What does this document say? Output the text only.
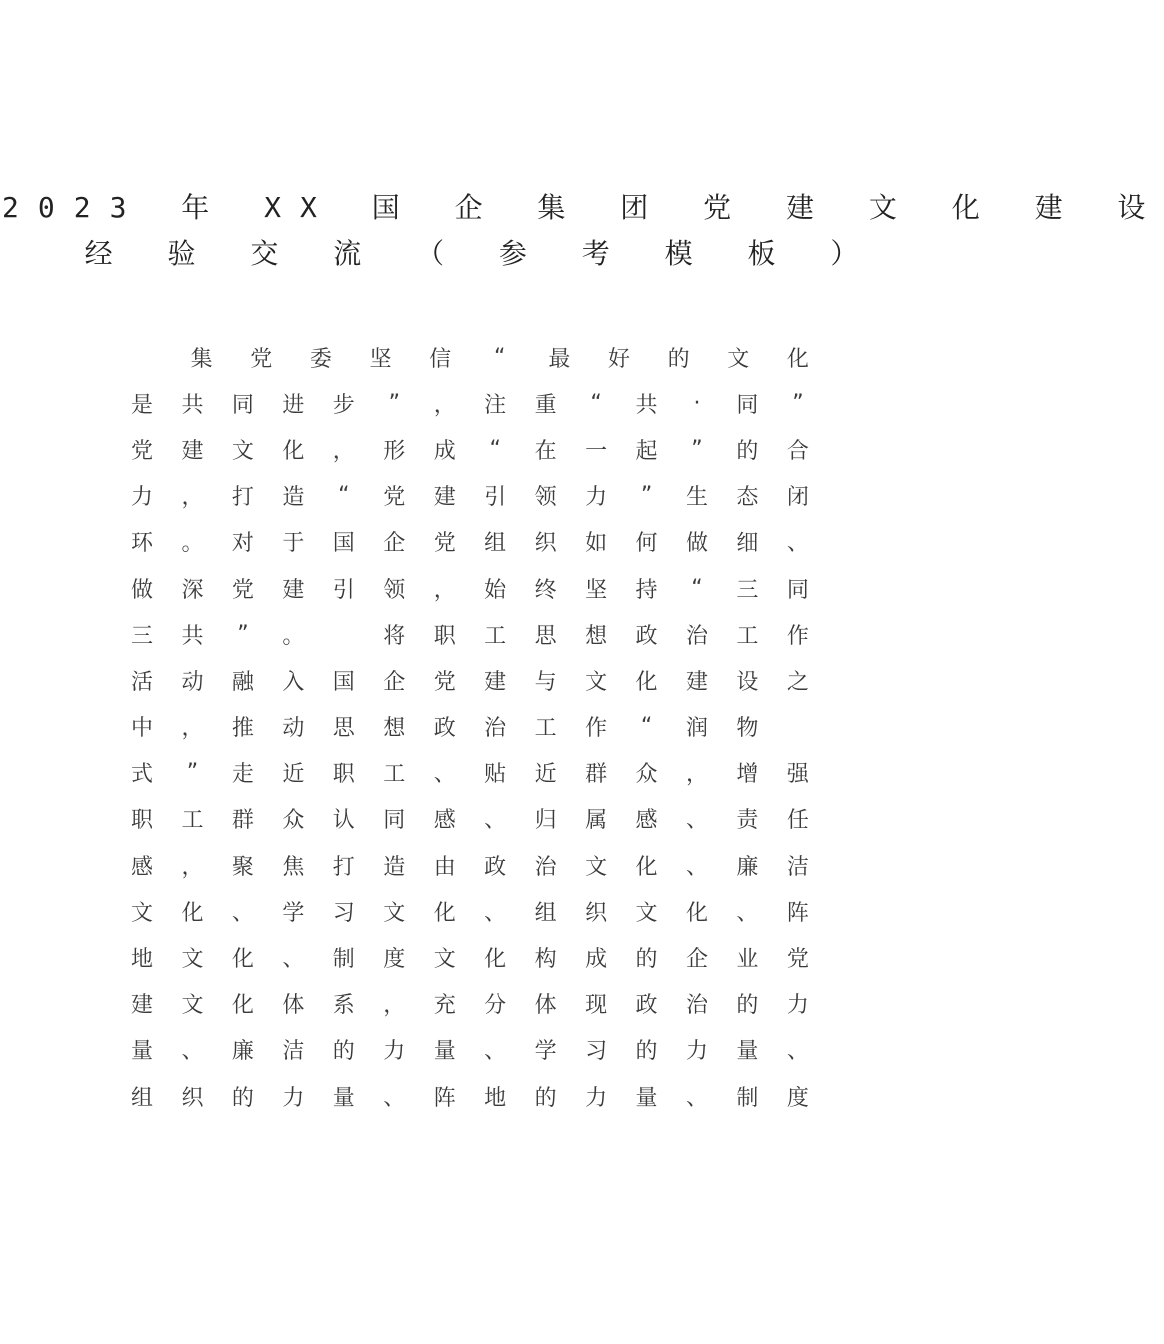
2023 年 XX 国 企 集 团 党 建 文 化 建 设
经 验 交 流 （ 参 考 模 板 ）

集 党 委 坚 信 “ 最 好 的 文 化
是 共 同 进 步 ” ， 注 重 “ 共	·	同 ”
党 建 文 化 ， 形 成 “ 在 一 起 ” 的 合
力 ， 打 造 “ 党 建 引 领 力 ” 生 态 闭
环 。 对 于 国 企 党 组 织 如 何 做 细 、
做 深 党 建 引 领 ， 始 终 坚 持 “ 三 同
三 共 ” 。
	将 职 工 思 想 政 治 工 作
活 动 融 入 国 企 党 建 与 文 化 建 设 之
中 ， 推 动 思 想 政 治 工 作 “ 润 物

式 ” 走 近 职 工 、 贴 近 群 众 ， 增 强
职 工 群 众 认 同 感 、 归 属 感 、 责 任
感 ， 聚 焦 打 造 由 政 治 文 化 、 廉 洁
文 化 、 学 习 文 化 、 组 织 文 化 、 阵
地 文 化 、 制 度 文 化 构 成 的 企 业 党
建 文 化 体 系 ， 充 分 体 现 政 治 的 力
量 、 廉 洁 的 力 量 、 学 习 的 力 量 、
组 织 的 力 量 、 阵 地 的 力 量 、 制 度
